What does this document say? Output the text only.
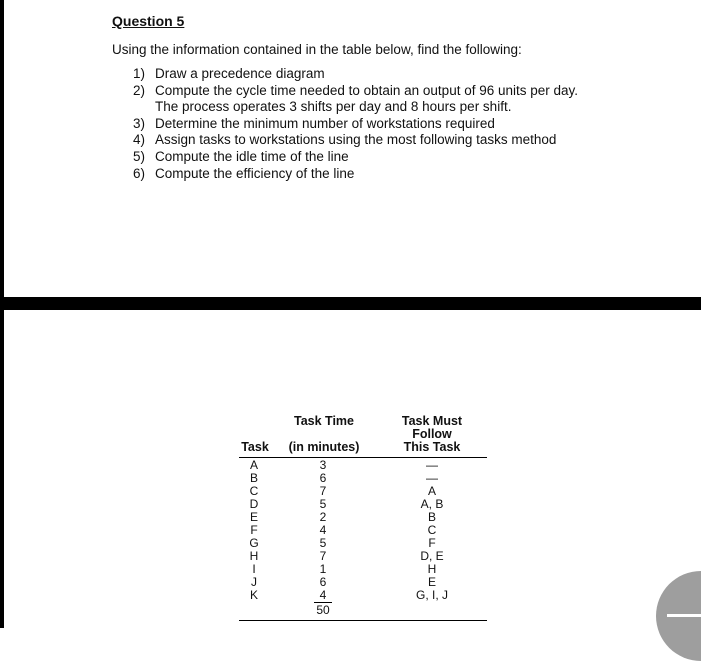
Question 5
Using the information contained in the table below, find the following:
1) Draw a precedence diagram
2) Compute the cycle time needed to obtain an output of 96 units per day.
The process operates 3 shifts per day and 8 hours per shift.
3) Determine the minimum number of workstations required
4) Assign tasks to workstations using the most following tasks method
5) Compute the idle time of the line
6) Compute the efficiency of the line
Task
Task Time
(in minutes)
Task Must
Follow
This Task
A
B
C
D
E
F
G
H
I
J
K
3
6
7
5
2
4
5
7
1
6
4
—
—
A
A, B
B
C
F
D, E
H
E
G, I, J
50
